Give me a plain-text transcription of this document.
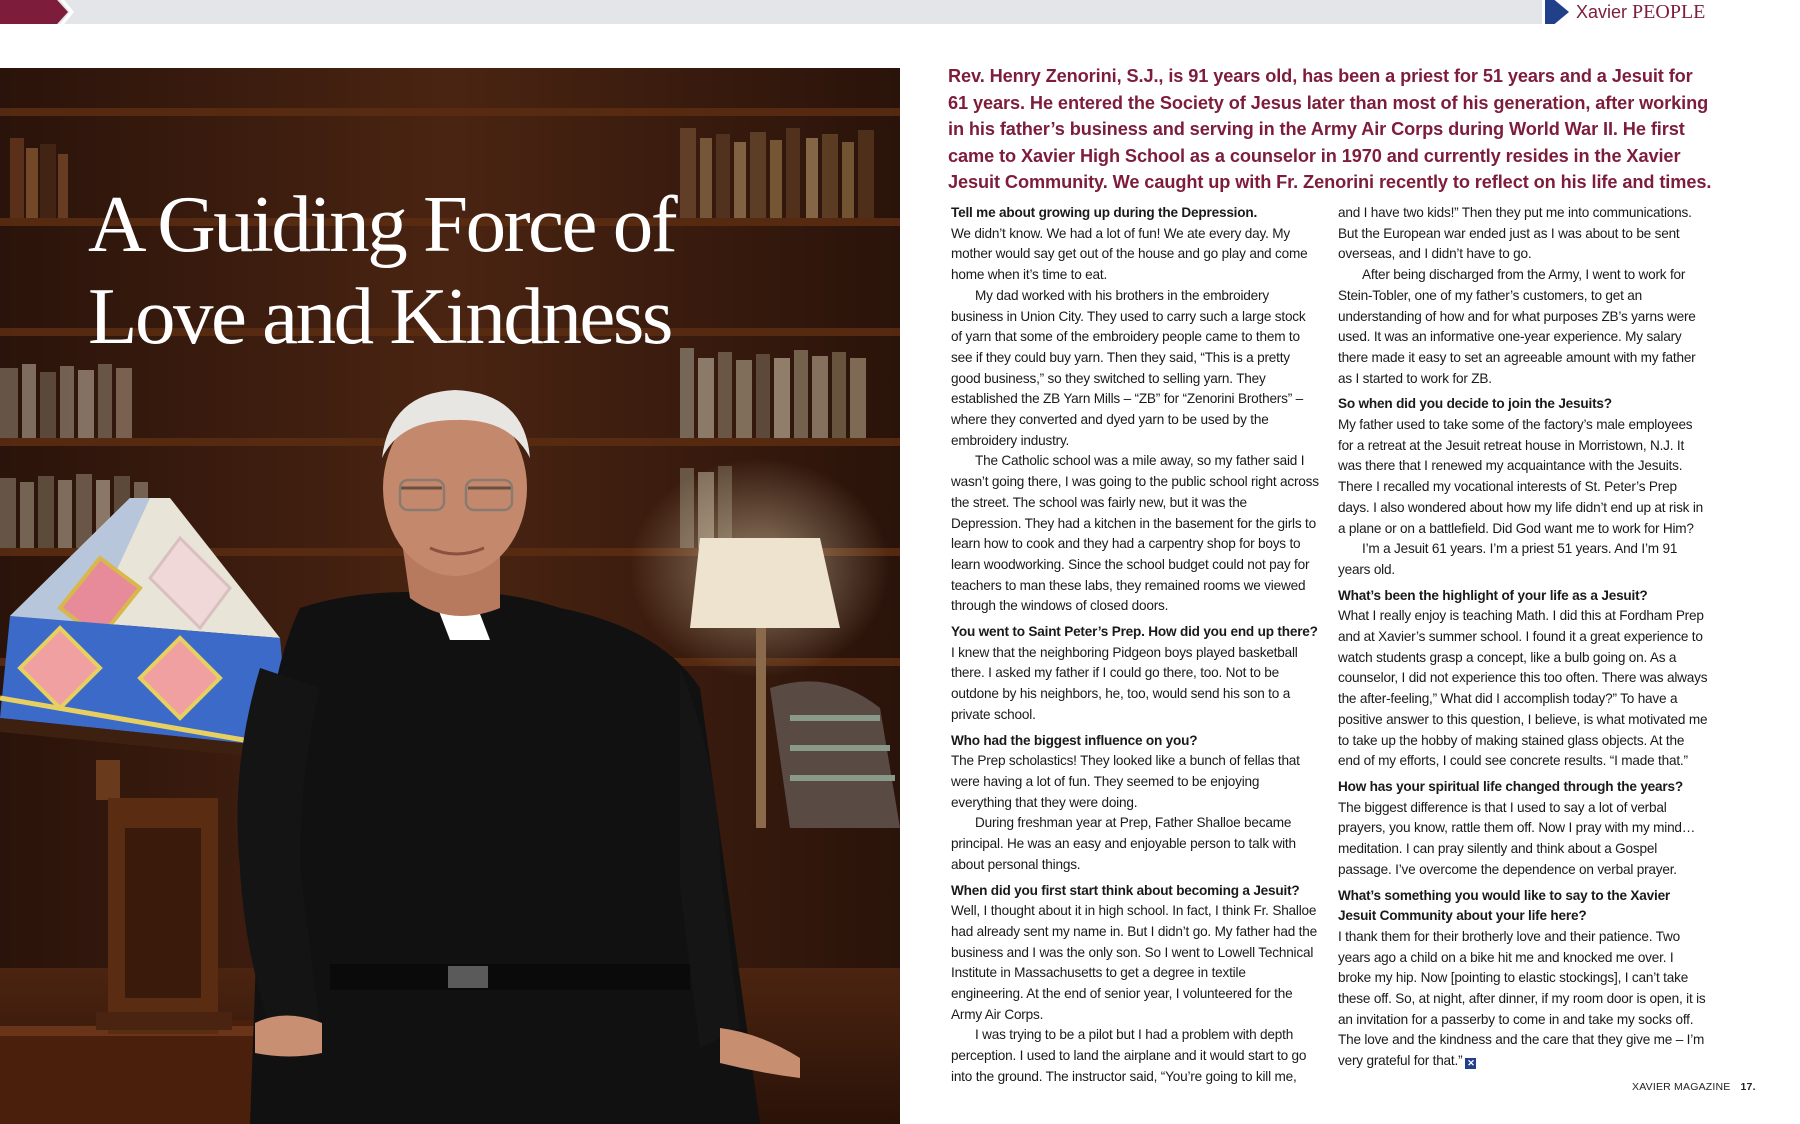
Xavier PEOPLE
A Guiding Force of
Love and Kindness
Rev. Henry Zenorini, S.J., is 91 years old, has been a priest for 51 years and a Jesuit for 61 years. He entered the Society of Jesus later than most of his generation, after working in his father’s business and serving in the Army Air Corps during World War II. He first came to Xavier High School as a counselor in 1970 and currently resides in the Xavier Jesuit Community. We caught up with Fr. Zenorini recently to reflect on his life and times.
Tell me about growing up during the Depression.
We didn’t know. We had a lot of fun! We ate every day. My mother would say get out of the house and go play and come home when it’s time to eat.
My dad worked with his brothers in the embroidery business in Union City. They used to carry such a large stock of yarn that some of the embroidery people came to them to see if they could buy yarn. Then they said, “This is a pretty good business,” so they switched to selling yarn. They established the ZB Yarn Mills – “ZB” for “Zenorini Brothers” – where they converted and dyed yarn to be used by the embroidery industry.
The Catholic school was a mile away, so my father said I wasn’t going there, I was going to the public school right across the street. The school was fairly new, but it was the Depression. They had a kitchen in the basement for the girls to learn how to cook and they had a carpentry shop for boys to learn woodworking. Since the school budget could not pay for teachers to man these labs, they remained rooms we viewed through the windows of closed doors.
You went to Saint Peter’s Prep. How did you end up there?
I knew that the neighboring Pidgeon boys played basketball there. I asked my father if I could go there, too. Not to be outdone by his neighbors, he, too, would send his son to a private school.
Who had the biggest influence on you?
The Prep scholastics! They looked like a bunch of fellas that were having a lot of fun. They seemed to be enjoying everything that they were doing.
During freshman year at Prep, Father Shalloe became principal. He was an easy and enjoyable person to talk with about personal things.
When did you first start think about becoming a Jesuit?
Well, I thought about it in high school. In fact, I think Fr. Shalloe had already sent my name in. But I didn’t go. My father had the business and I was the only son. So I went to Lowell Technical Institute in Massachusetts to get a degree in textile engineering. At the end of senior year, I volunteered for the Army Air Corps.
I was trying to be a pilot but I had a problem with depth perception. I used to land the airplane and it would start to go into the ground. The instructor said, “You’re going to kill me,
and I have two kids!” Then they put me into communications. But the European war ended just as I was about to be sent overseas, and I didn’t have to go.
After being discharged from the Army, I went to work for Stein-Tobler, one of my father’s customers, to get an understanding of how and for what purposes ZB’s yarns were used. It was an informative one-year experience. My salary there made it easy to set an agreeable amount with my father as I started to work for ZB.
So when did you decide to join the Jesuits?
My father used to take some of the factory’s male employees for a retreat at the Jesuit retreat house in Morristown, N.J. It was there that I renewed my acquaintance with the Jesuits. There I recalled my vocational interests of St. Peter’s Prep days. I also wondered about how my life didn’t end up at risk in a plane or on a battlefield. Did God want me to work for Him?
I’m a Jesuit 61 years. I’m a priest 51 years. And I’m 91 years old.
What’s been the highlight of your life as a Jesuit?
What I really enjoy is teaching Math. I did this at Fordham Prep and at Xavier’s summer school. I found it a great experience to watch students grasp a concept, like a bulb going on. As a counselor, I did not experience this too often. There was always the after-feeling,” What did I accomplish today?” To have a positive answer to this question, I believe, is what motivated me to take up the hobby of making stained glass objects. At the end of my efforts, I could see concrete results. “I made that.”
How has your spiritual life changed through the years?
The biggest difference is that I used to say a lot of verbal prayers, you know, rattle them off. Now I pray with my mind… meditation. I can pray silently and think about a Gospel passage. I’ve overcome the dependence on verbal prayer.
What’s something you would like to say to the Xavier Jesuit Community about your life here?
I thank them for their brotherly love and their patience. Two years ago a child on a bike hit me and knocked me over. I broke my hip. Now [pointing to elastic stockings], I can’t take these off. So, at night, after dinner, if my room door is open, it is an invitation for a passerby to come in and take my socks off. The love and the kindness and the care that they give me – I’m very grateful for that.” ✕
XAVIER MAGAZINE 17.
